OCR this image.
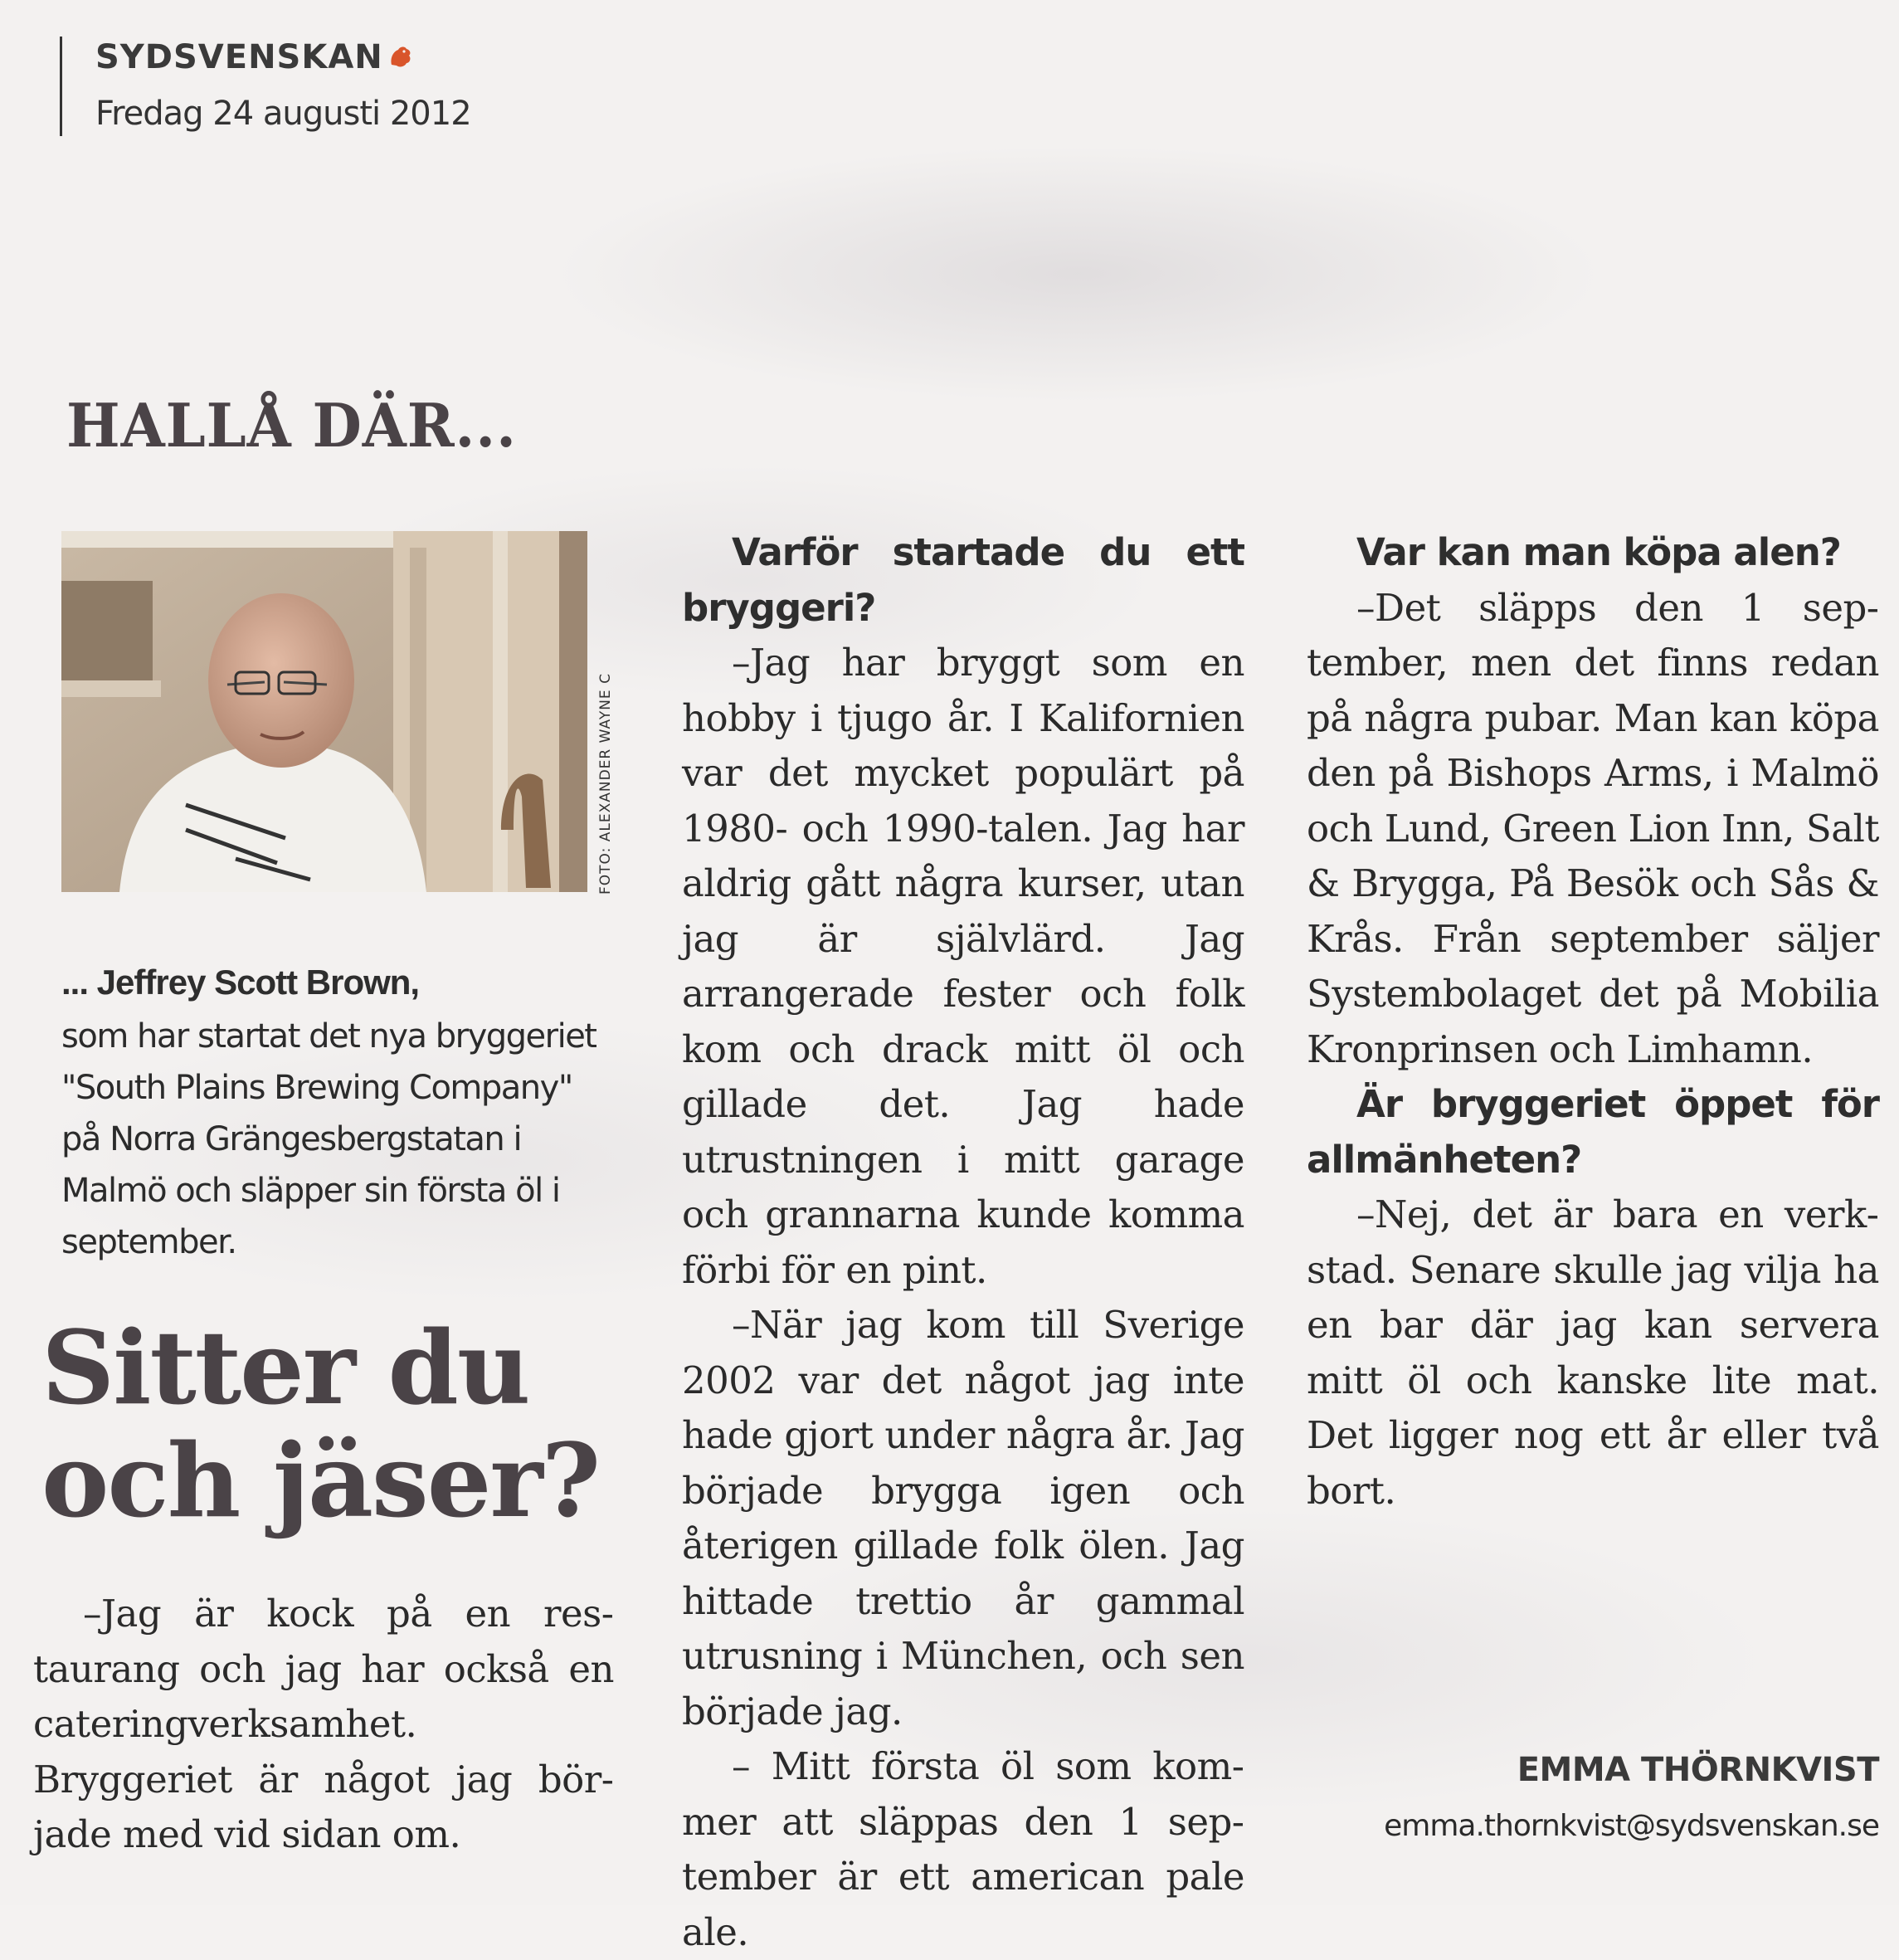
SYDSVENSKAN
Fredag 24 augusti 2012
HALLÅ DÄR...
FOTO: ALEXANDER WAYNE C
... Jeffrey Scott Brown,
som har startat det nya bryggeriet "South Plains Brewing Company" på Norra Grängesbergstatan i Malmö och släpper sin första öl i september.
Sitter du
och jäser?

–Jag är kock på en restaurang och jag har också en cateringverksamhet. Bryggeriet är något jag började med vid sidan om.

Varför startade du ett bryggeri?

–Jag har bryggt som en hobby i tjugo år. I Kalifornien var det mycket populärt på 1980- och 1990-talen. Jag har aldrig gått några kurser, utan jag är självlärd. Jag arrangerade fester och folk kom och drack mitt öl och gillade det. Jag hade utrustningen i mitt garage och grannarna kunde komma förbi för en pint.

–När jag kom till Sverige 2002 var det något jag inte hade gjort under några år. Jag började brygga igen och återigen gillade folk ölen. Jag hittade trettio år gammal utrusning i München, och sen började jag.

– Mitt första öl som kommer att släppas den 1 september är ett american pale ale.

Var kan man köpa alen?

–Det släpps den 1 september, men det finns redan på några pubar. Man kan köpa den på Bishops Arms, i Malmö och Lund, Green Lion Inn, Salt & Brygga, På Besök och Sås & Krås. Från september säljer Systembolaget det på Mobilia Kronprinsen och Limhamn.

Är bryggeriet öppet för allmänheten?

–Nej, det är bara en verkstad. Senare skulle jag vilja ha en bar där jag kan servera mitt öl och kanske lite mat. Det ligger nog ett år eller två bort.

EMMA THÖRNKVIST
emma.thornkvist@sydsvenskan.se
